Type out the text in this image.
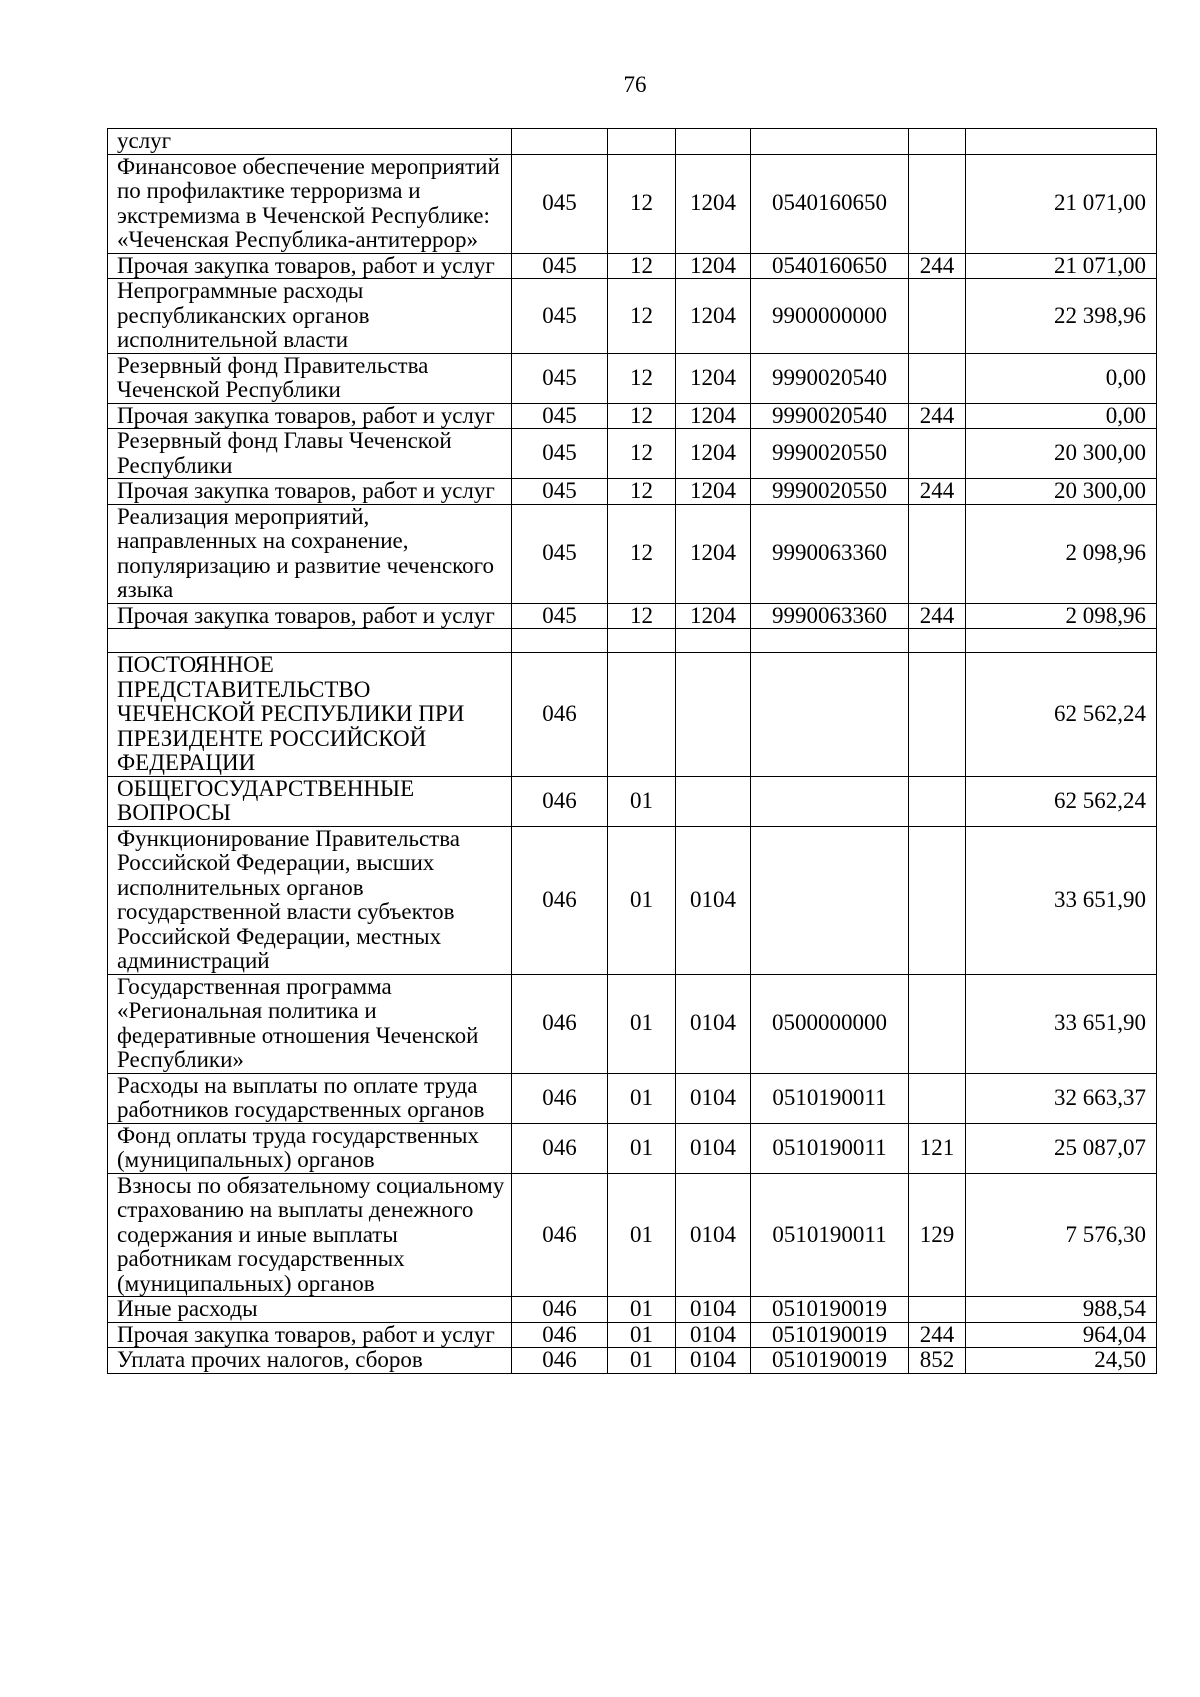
76
услуг						
Финансовое обеспечение мероприятий по профилактике терроризма и экстремизма в Чеченской Республике: «Чеченская Республика-антитеррор»	045	12	1204	0540160650		21 071,00
Прочая закупка товаров, работ и услуг	045	12	1204	0540160650	244	21 071,00
Непрограммные расходы республиканских органов исполнительной власти	045	12	1204	9900000000		22 398,96
Резервный фонд Правительства Чеченской Республики	045	12	1204	9990020540		0,00
Прочая закупка товаров, работ и услуг	045	12	1204	9990020540	244	0,00
Резервный фонд Главы Чеченской Республики	045	12	1204	9990020550		20 300,00
Прочая закупка товаров, работ и услуг	045	12	1204	9990020550	244	20 300,00
Реализация мероприятий, направленных на сохранение, популяризацию и развитие чеченского языка	045	12	1204	9990063360		2 098,96
Прочая закупка товаров, работ и услуг	045	12	1204	9990063360	244	2 098,96

ПОСТОЯННОЕ ПРЕДСТАВИТЕЛЬСТВО ЧЕЧЕНСКОЙ РЕСПУБЛИКИ ПРИ ПРЕЗИДЕНТЕ РОССИЙСКОЙ ФЕДЕРАЦИИ	046					62 562,24
ОБЩЕГОСУДАРСТВЕННЫЕ ВОПРОСЫ	046	01				62 562,24
Функционирование Правительства Российской Федерации, высших исполнительных органов государственной власти субъектов Российской Федерации, местных администраций	046	01	0104			33 651,90
Государственная программа «Региональная политика и федеративные отношения Чеченской Республики»	046	01	0104	0500000000		33 651,90
Расходы на выплаты по оплате труда работников государственных органов	046	01	0104	0510190011		32 663,37
Фонд оплаты труда государственных (муниципальных) органов	046	01	0104	0510190011	121	25 087,07
Взносы по обязательному социальному страхованию на выплаты денежного содержания и иные выплаты работникам государственных (муниципальных) органов	046	01	0104	0510190011	129	7 576,30
Иные расходы	046	01	0104	0510190019		988,54
Прочая закупка товаров, работ и услуг	046	01	0104	0510190019	244	964,04
Уплата прочих налогов, сборов	046	01	0104	0510190019	852	24,50
